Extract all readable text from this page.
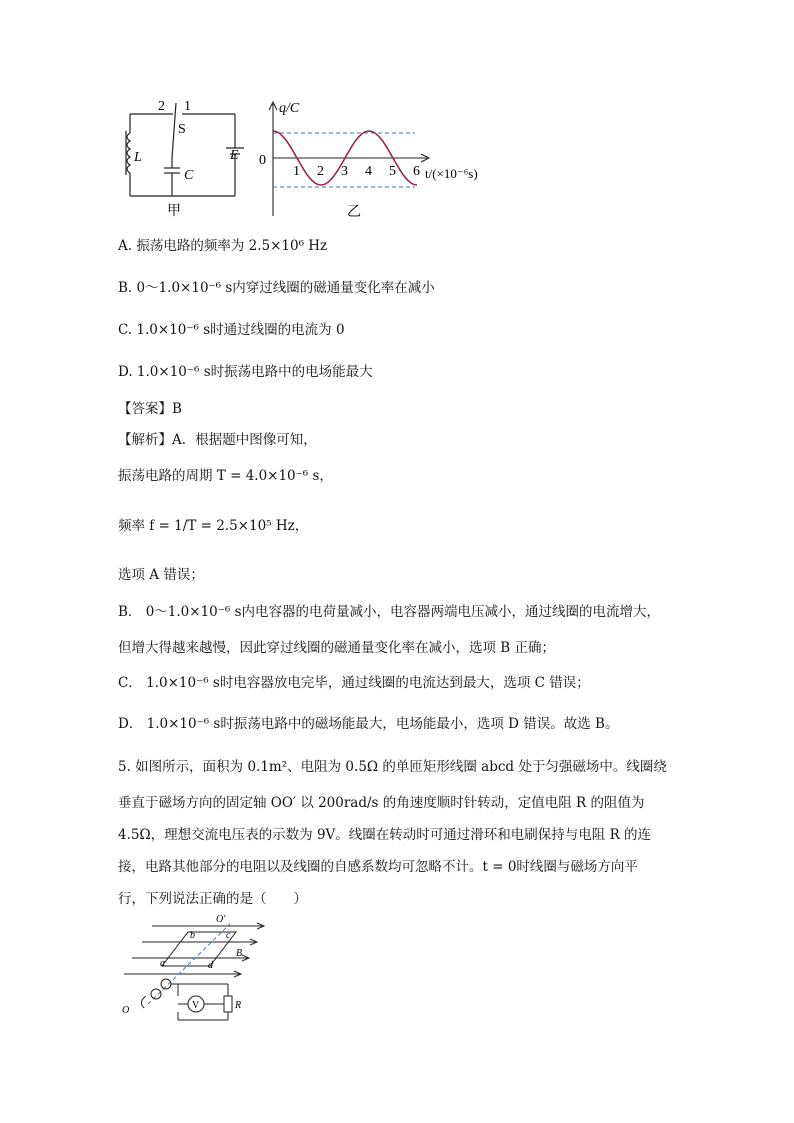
2 1
S
L
C
E
甲
1 2 3 4 5 6
q/C
0
t/(×10⁻⁶s)
乙
A. 振荡电路的频率为 2.5×10⁶ Hz
B. 0～1.0×10⁻⁶ s内穿过线圈的磁通量变化率在减小
C. 1.0×10⁻⁶ s时通过线圈的电流为 0
D. 1.0×10⁻⁶ s时振荡电路中的电场能最大
【答案】B
【解析】A．根据题中图像可知，
振荡电路的周期 T = 4.0×10⁻⁶ s，
频率 f = 1/T = 2.5×10⁵ Hz，
选项 A 错误；
B． 0～1.0×10⁻⁶ s内电容器的电荷量减小，电容器两端电压减小，通过线圈的电流增大，
但增大得越来越慢，因此穿过线圈的磁通量变化率在减小，选项 B 正确；
C． 1.0×10⁻⁶ s时电容器放电完毕，通过线圈的电流达到最大，选项 C 错误；
D． 1.0×10⁻⁶ s时振荡电路中的磁场能最大，电场能最小，选项 D 错误。故选 B。
5. 如图所示，面积为 0.1m²、电阻为 0.5Ω 的单匝矩形线圈 abcd 处于匀强磁场中。线圈绕
垂直于磁场方向的固定轴 OO′ 以 200rad/s 的角速度顺时针转动，定值电阻 R 的阻值为
4.5Ω，理想交流电压表的示数为 9V。线圈在转动时可通过滑环和电刷保持与电阻 R 的连
接，电路其他部分的电阻以及线圈的自感系数均可忽略不计。t = 0时线圈与磁场方向平
行，下列说法正确的是（　　）
O′
b	c
B
a	d
V	R
O
